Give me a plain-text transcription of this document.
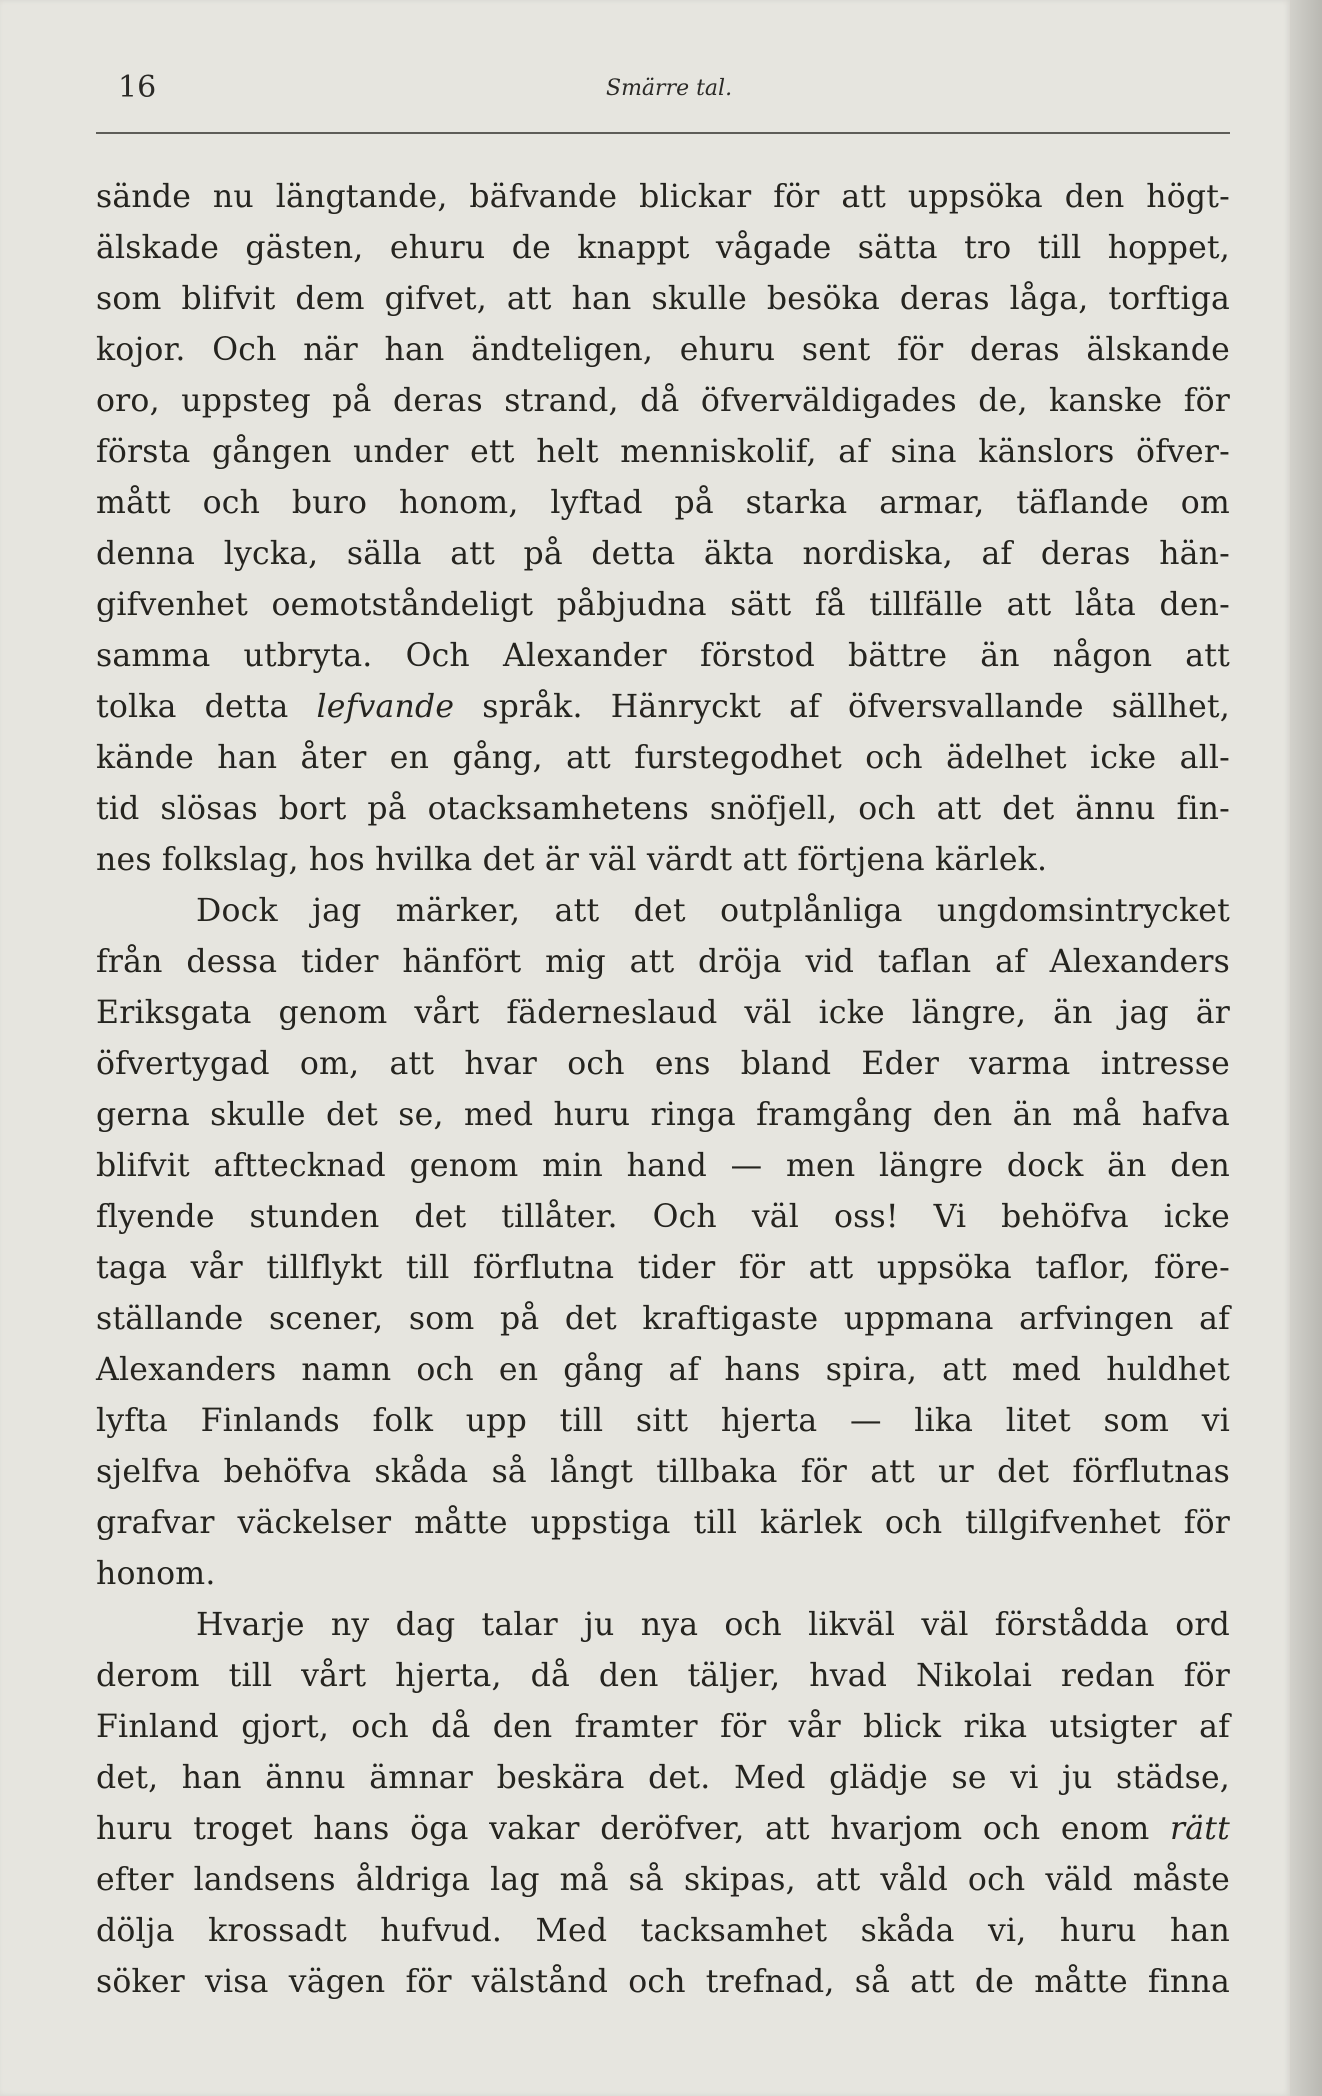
16	Smärre tal.
sände nu längtande, bäfvande blickar för att uppsöka den högt-
älskade gästen, ehuru de knappt vågade sätta tro till hoppet,
som blifvit dem gifvet, att han skulle besöka deras låga, torftiga
kojor. Och när han ändteligen, ehuru sent för deras älskande
oro, uppsteg på deras strand, då öfverväldigades de, kanske för
första gången under ett helt menniskolif, af sina känslors öfver-
mått och buro honom, lyftad på starka armar, täflande om
denna lycka, sälla att på detta äkta nordiska, af deras hän-
gifvenhet oemotståndeligt påbjudna sätt få tillfälle att låta den-
samma utbryta. Och Alexander förstod bättre än någon att
tolka detta lefvande språk. Hänryckt af öfversvallande sällhet,
kände han åter en gång, att furstegodhet och ädelhet icke all-
tid slösas bort på otacksamhetens snöfjell, och att det ännu fin-
nes folkslag, hos hvilka det är väl värdt att förtjena kärlek.
Dock jag märker, att det outplånliga ungdomsintrycket
från dessa tider hänfört mig att dröja vid taflan af Alexanders
Eriksgata genom vårt fäderneslaud väl icke längre, än jag är
öfvertygad om, att hvar och ens bland Eder varma intresse
gerna skulle det se, med huru ringa framgång den än må hafva
blifvit afttecknad genom min hand — men längre dock än den
flyende stunden det tillåter. Och väl oss! Vi behöfva icke
taga vår tillflykt till förflutna tider för att uppsöka taflor, före-
ställande scener, som på det kraftigaste uppmana arfvingen af
Alexanders namn och en gång af hans spira, att med huldhet
lyfta Finlands folk upp till sitt hjerta — lika litet som vi
sjelfva behöfva skåda så långt tillbaka för att ur det förflutnas
grafvar väckelser måtte uppstiga till kärlek och tillgifvenhet för
honom.
Hvarje ny dag talar ju nya och likväl väl förstådda ord
derom till vårt hjerta, då den täljer, hvad Nikolai redan för
Finland gjort, och då den framter för vår blick rika utsigter af
det, han ännu ämnar beskära det. Med glädje se vi ju städse,
huru troget hans öga vakar deröfver, att hvarjom och enom rätt
efter landsens åldriga lag må så skipas, att våld och väld måste
dölja krossadt hufvud. Med tacksamhet skåda vi, huru han
söker visa vägen för välstånd och trefnad, så att de måtte finna
